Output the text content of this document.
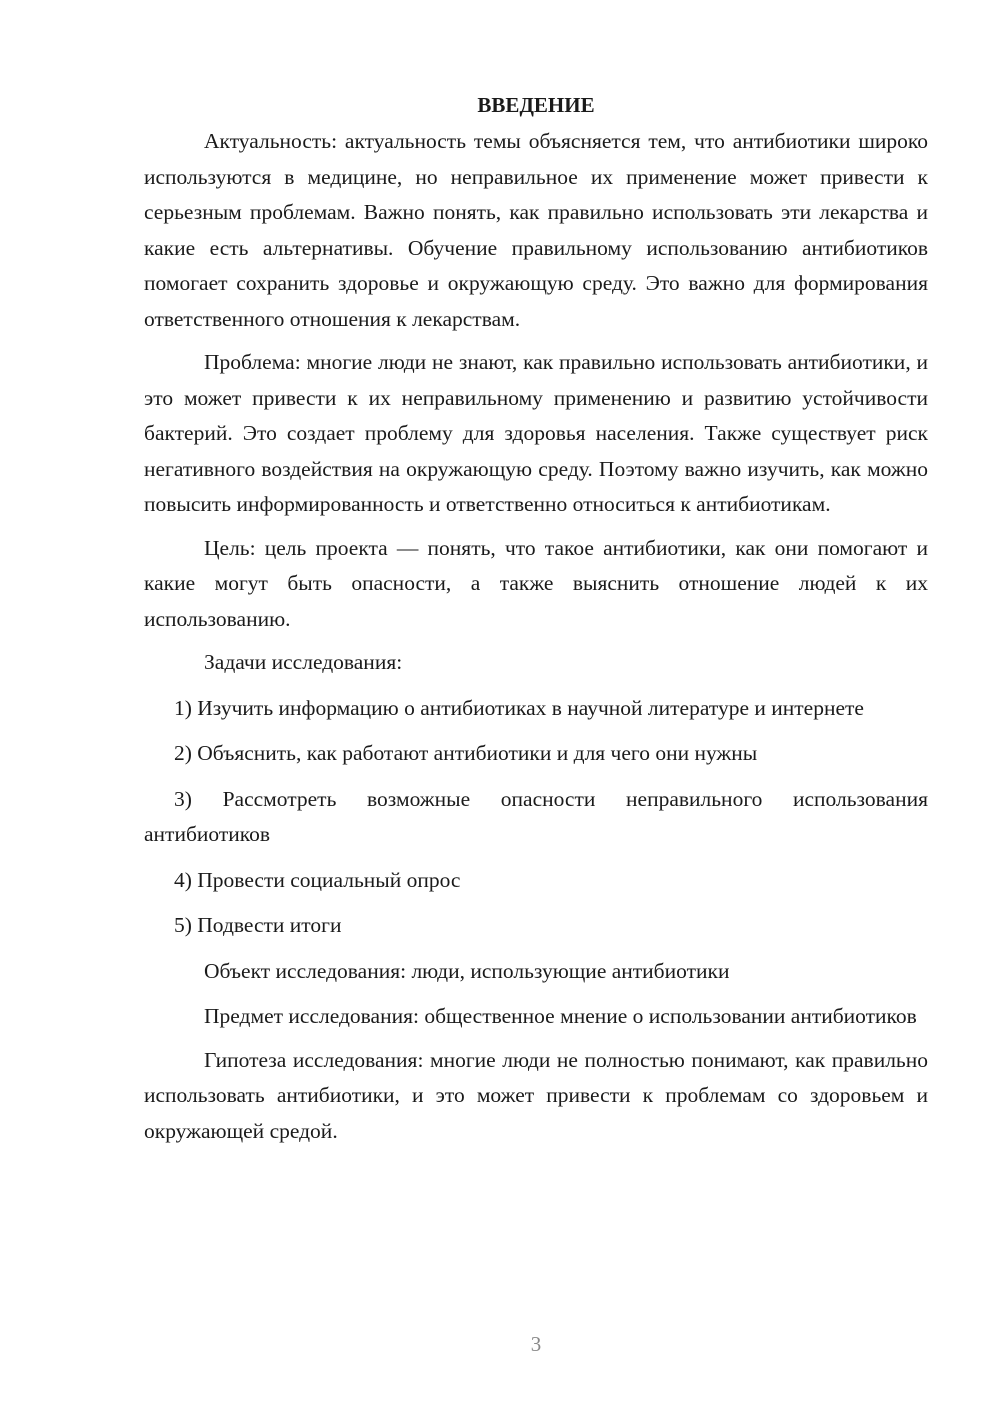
ВВЕДЕНИЕ

Актуальность: актуальность темы объясняется тем, что антибиотики широко используются в медицине, но неправильное их применение может привести к серьезным проблемам. Важно понять, как правильно использовать эти лекарства и какие есть альтернативы. Обучение правильному использованию антибиотиков помогает сохранить здоровье и окружающую среду. Это важно для формирования ответственного отношения к лекарствам.

Проблема: многие люди не знают, как правильно использовать антибиотики, и это может привести к их неправильному применению и развитию устойчивости бактерий. Это создает проблему для здоровья населения. Также существует риск негативного воздействия на окружающую среду. Поэтому важно изучить, как можно повысить информированность и ответственно относиться к антибиотикам.

Цель: цель проекта — понять, что такое антибиотики, как они помогают и какие могут быть опасности, а также выяснить отношение людей к их использованию.

Задачи исследования:

1) Изучить информацию о антибиотиках в научной литературе и интернете

2) Объяснить, как работают антибиотики и для чего они нужны

3) Рассмотреть возможные опасности неправильного использования антибиотиков

4) Провести социальный опрос

5) Подвести итоги

Объект исследования: люди, использующие антибиотики

Предмет исследования: общественное мнение о использовании антибиотиков

Гипотеза исследования: многие люди не полностью понимают, как правильно использовать антибиотики, и это может привести к проблемам со здоровьем и окружающей средой.

3
